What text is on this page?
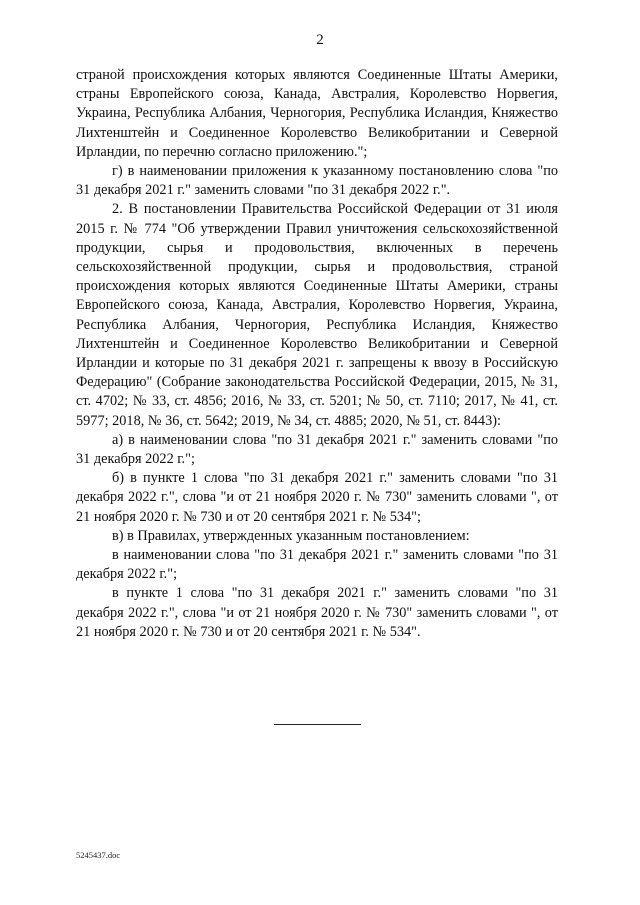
2

страной происхождения которых являются Соединенные Штаты Америки, страны Европейского союза, Канада, Австралия, Королевство Норвегия, Украина, Республика Албания, Черногория, Республика Исландия, Княжество Лихтенштейн и Соединенное Королевство Великобритании и Северной Ирландии, по перечню согласно приложению.";

г) в наименовании приложения к указанному постановлению слова "по 31 декабря 2021 г." заменить словами "по 31 декабря 2022 г.".

2. В постановлении Правительства Российской Федерации от 31 июля 2015 г. № 774 "Об утверждении Правил уничтожения сельскохозяйственной продукции, сырья и продовольствия, включенных в перечень сельскохозяйственной продукции, сырья и продовольствия, страной происхождения которых являются Соединенные Штаты Америки, страны Европейского союза, Канада, Австралия, Королевство Норвегия, Украина, Республика Албания, Черногория, Республика Исландия, Княжество Лихтенштейн и Соединенное Королевство Великобритании и Северной Ирландии и которые по 31 декабря 2021 г. запрещены к ввозу в Российскую Федерацию" (Собрание законодательства Российской Федерации, 2015, № 31, ст. 4702; № 33, ст. 4856; 2016, № 33, ст. 5201; № 50, ст. 7110; 2017, № 41, ст. 5977; 2018, № 36, ст. 5642; 2019, № 34, ст. 4885; 2020, № 51, ст. 8443):

а) в наименовании слова "по 31 декабря 2021 г." заменить словами "по 31 декабря 2022 г.";

б) в пункте 1 слова "по 31 декабря 2021 г." заменить словами "по 31 декабря 2022 г.", слова "и от 21 ноября 2020 г. № 730" заменить словами ", от 21 ноября 2020 г. № 730 и от 20 сентября 2021 г. № 534";

в) в Правилах, утвержденных указанным постановлением:

в наименовании слова "по 31 декабря 2021 г." заменить словами "по 31 декабря 2022 г.";

в пункте 1 слова "по 31 декабря 2021 г." заменить словами "по 31 декабря 2022 г.", слова "и от 21 ноября 2020 г. № 730" заменить словами ", от 21 ноября 2020 г. № 730 и от 20 сентября 2021 г. № 534".

5245437.doc
